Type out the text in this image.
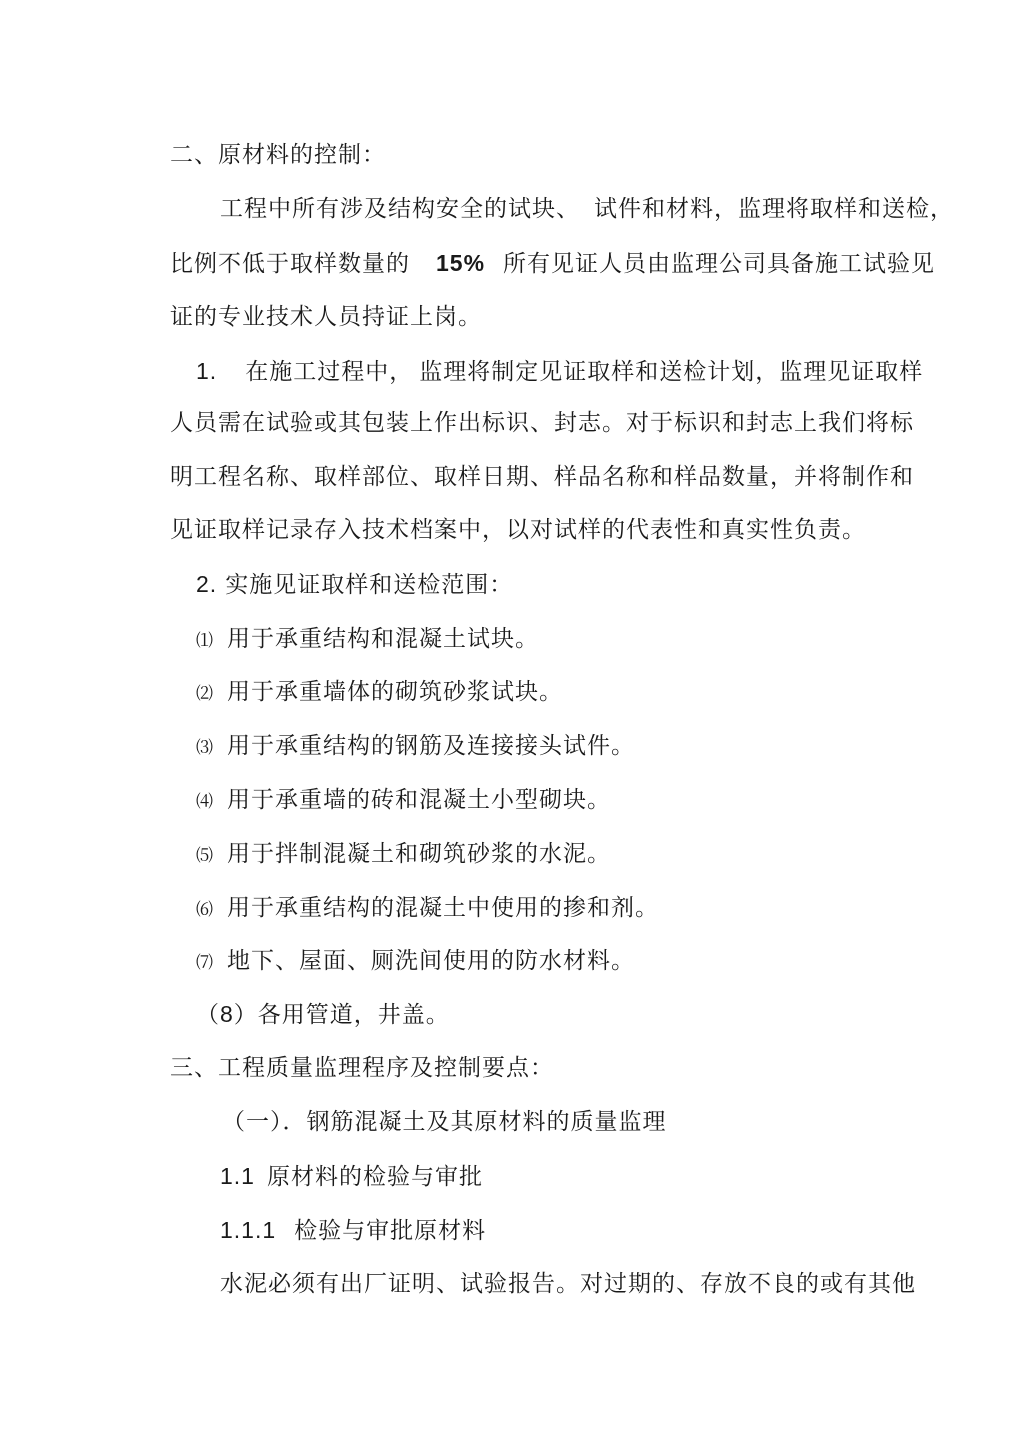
二、原材料的控制：
工程中所有涉及结构安全的试块、 试件和材料，监理将取样和送检，
比例不低于取样数量的 15% 所有见证人员由监理公司具备施工试验见
证的专业技术人员持证上岗。
1. 在施工过程中， 监理将制定见证取样和送检计划，监理见证取样
人员需在试验或其包装上作出标识、封志。对于标识和封志上我们将标
明工程名称、取样部位、取样日期、样品名称和样品数量，并将制作和
见证取样记录存入技术档案中，以对试样的代表性和真实性负责。
2. 实施见证取样和送检范围：
⑴ 用于承重结构和混凝土试块。
⑵ 用于承重墙体的砌筑砂浆试块。
⑶ 用于承重结构的钢筋及连接接头试件。
⑷ 用于承重墙的砖和混凝土小型砌块。
⑸ 用于拌制混凝土和砌筑砂浆的水泥。
⑹ 用于承重结构的混凝土中使用的掺和剂。
⑺ 地下、屋面、厕洗间使用的防水材料。
（8）各用管道，井盖。
三、工程质量监理程序及控制要点：
（一）．钢筋混凝土及其原材料的质量监理
1.1 原材料的检验与审批
1.1.1 检验与审批原材料
水泥必须有出厂证明、试验报告。对过期的、存放不良的或有其他
